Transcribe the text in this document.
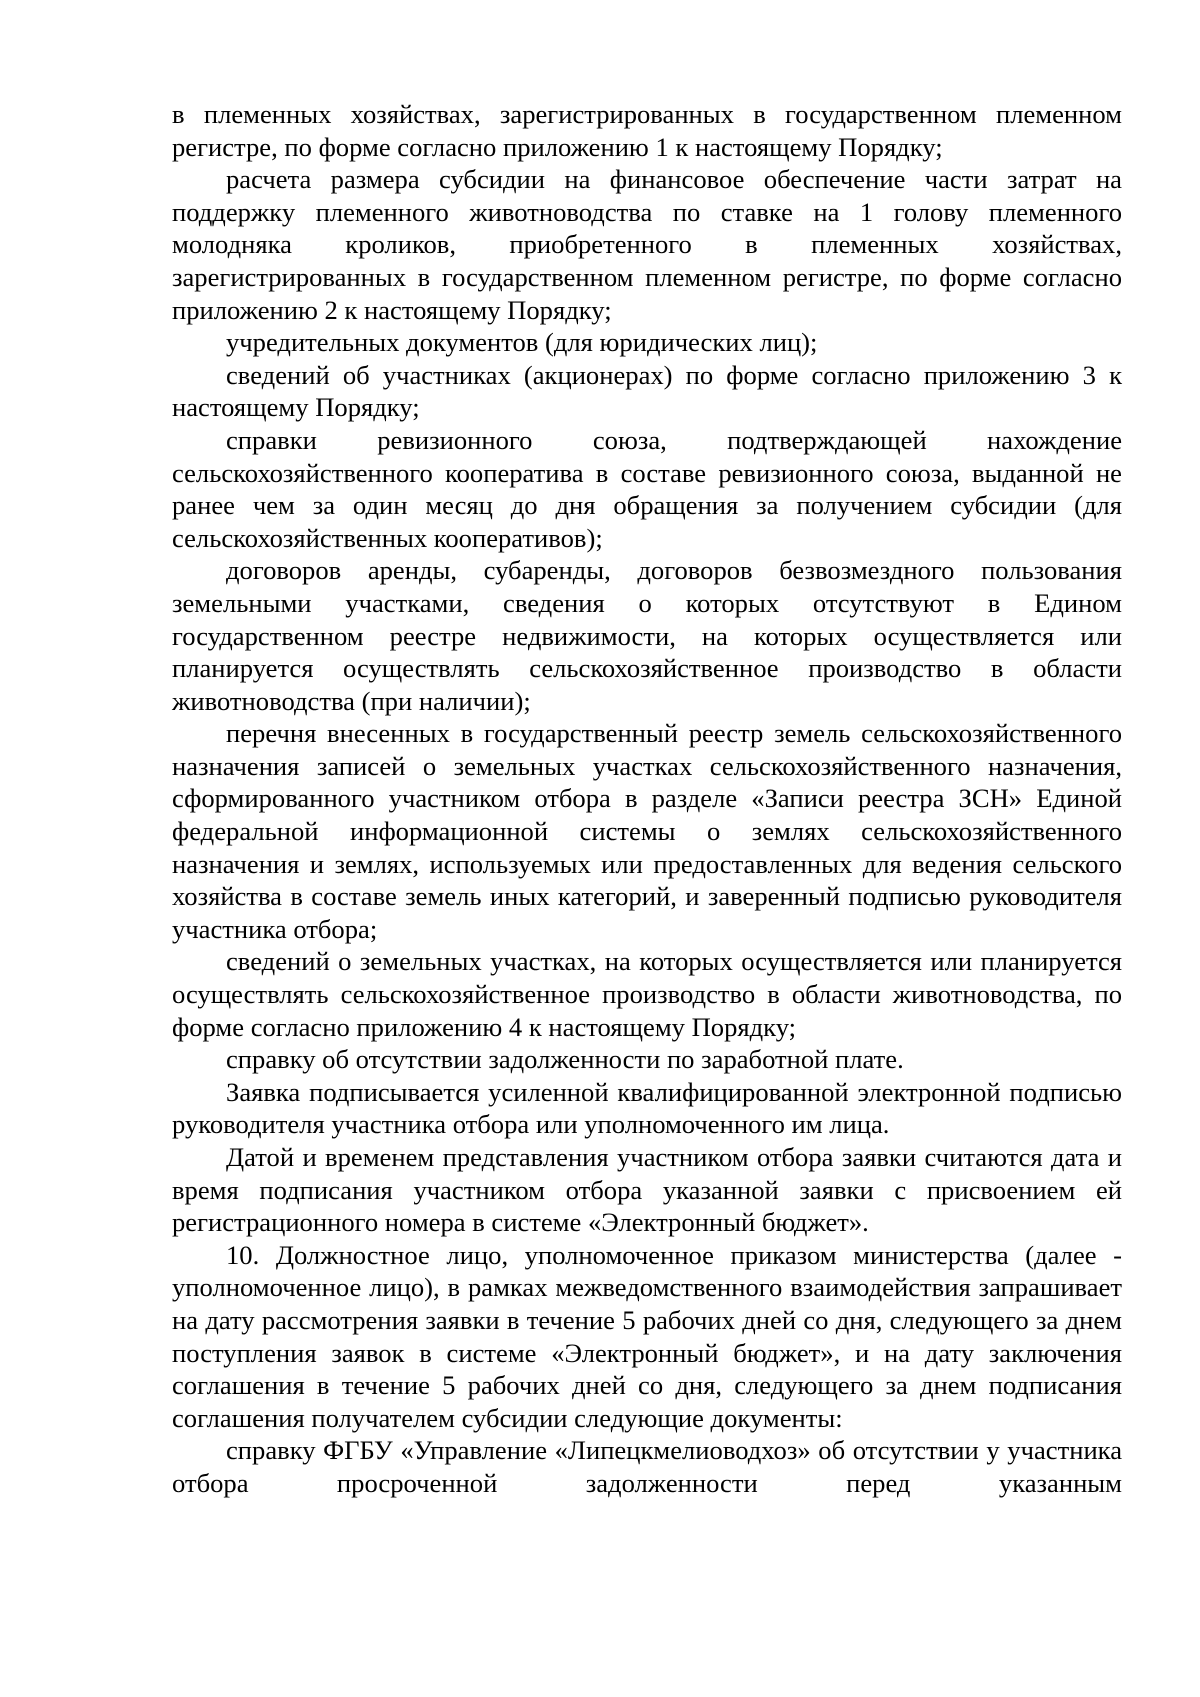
в племенных хозяйствах, зарегистрированных в государственном племенном регистре, по форме согласно приложению 1 к настоящему Порядку;

расчета размера субсидии на финансовое обеспечение части затрат на поддержку племенного животноводства по ставке на 1 голову племенного молодняка кроликов, приобретенного в племенных хозяйствах, зарегистрированных в государственном племенном регистре, по форме согласно приложению 2 к настоящему Порядку;

учредительных документов (для юридических лиц);

сведений об участниках (акционерах) по форме согласно приложению 3 к настоящему Порядку;

справки ревизионного союза, подтверждающей нахождение сельскохозяйственного кооператива в составе ревизионного союза, выданной не ранее чем за один месяц до дня обращения за получением субсидии (для сельскохозяйственных кооперативов);

договоров аренды, субаренды, договоров безвозмездного пользования земельными участками, сведения о которых отсутствуют в Едином государственном реестре недвижимости, на которых осуществляется или планируется осуществлять сельскохозяйственное производство в области животноводства (при наличии);

перечня внесенных в государственный реестр земель сельскохозяйственного назначения записей о земельных участках сельскохозяйственного назначения, сформированного участником отбора в разделе «Записи реестра ЗСН» Единой федеральной информационной системы о землях сельскохозяйственного назначения и землях, используемых или предоставленных для ведения сельского хозяйства в составе земель иных категорий, и заверенный подписью руководителя участника отбора;

сведений о земельных участках, на которых осуществляется или планируется осуществлять сельскохозяйственное производство в области животноводства, по форме согласно приложению 4 к настоящему Порядку;

справку об отсутствии задолженности по заработной плате.

Заявка подписывается усиленной квалифицированной электронной подписью руководителя участника отбора или уполномоченного им лица.

Датой и временем представления участником отбора заявки считаются дата и время подписания участником отбора указанной заявки с присвоением ей регистрационного номера в системе «Электронный бюджет».

10. Должностное лицо, уполномоченное приказом министерства (далее - уполномоченное лицо), в рамках межведомственного взаимодействия запрашивает на дату рассмотрения заявки в течение 5 рабочих дней со дня, следующего за днем поступления заявок в системе «Электронный бюджет», и на дату заключения соглашения в течение 5 рабочих дней со дня, следующего за днем подписания соглашения получателем субсидии следующие документы:

справку ФГБУ «Управление «Липецкмелиоводхоз» об отсутствии у участника отбора просроченной задолженности перед указанным
